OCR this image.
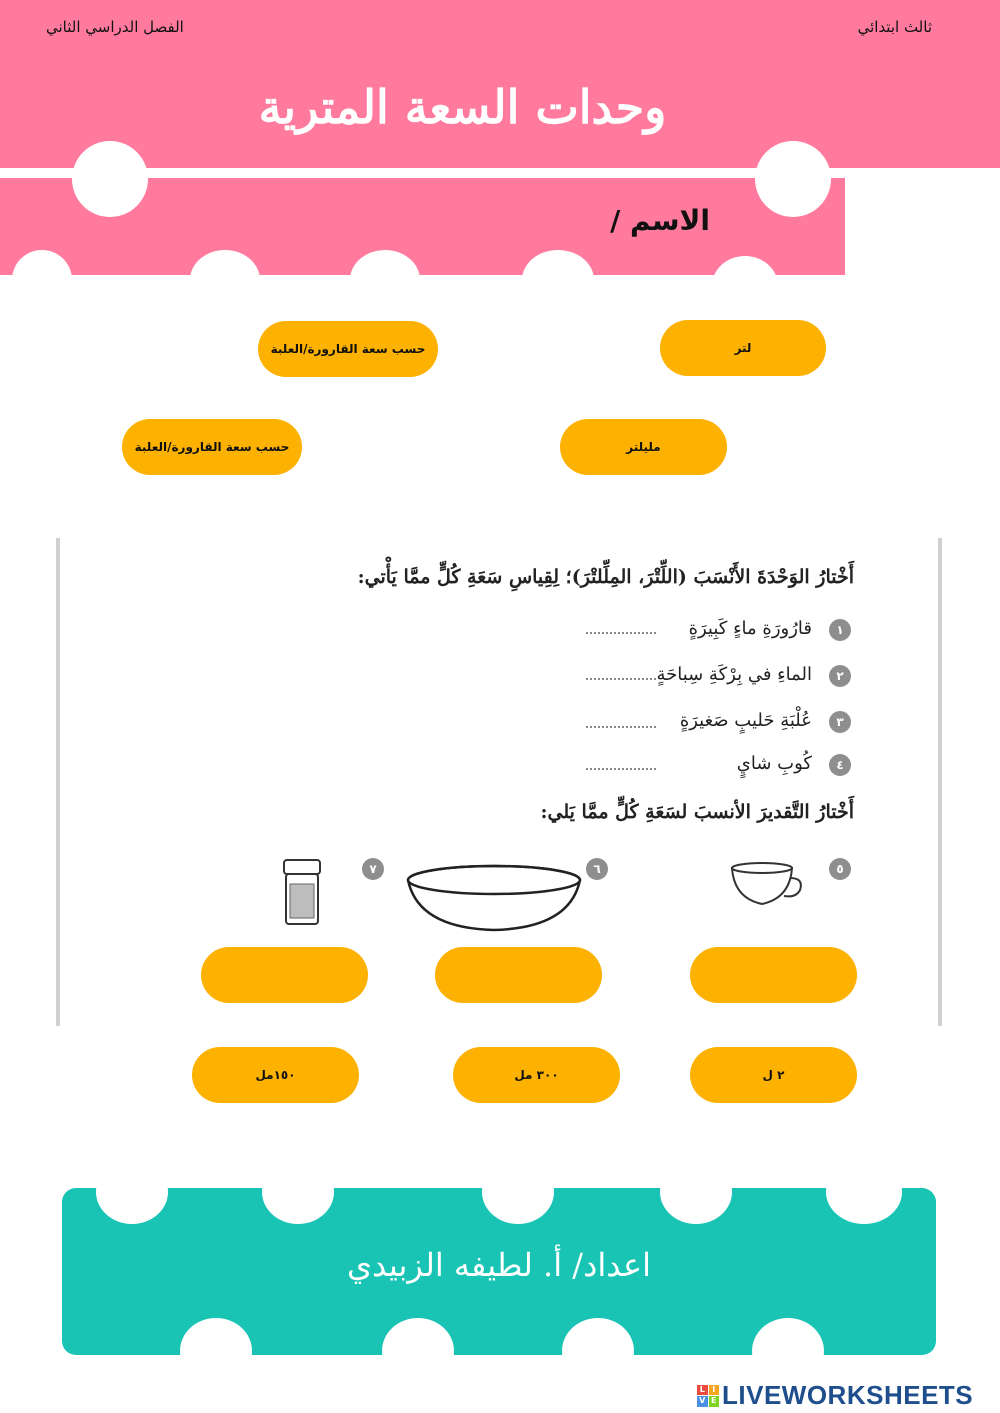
ثالث ابتدائي
الفصل الدراسي الثاني
وحدات السعة المترية
الاسم /
لتر
حسب سعة القارورة/العلبة
مليلتر
حسب سعة القارورة/العلبة
أَخْتارُ الوَحْدَةَ الأَنْسَبَ (اللِّتْرَ، المِلِّلتْرَ)؛ لِقِياسِ سَعَةِ كُلٍّ ممَّا يَأْتي:
١
قارُورَةِ ماءٍ كَبِيرَةٍ
٢
الماءِ في بِرْكَةِ سِباحَةٍ
٣
عُلْبَةِ حَليبٍ صَغيرَةٍ
٤
كُوبِ شايٍ
أَخْتارُ التَّقديرَ الأنسبَ لسَعَةِ كُلٍّ ممَّا يَلي:
٥
٦
٧
٢ ل
٣٠٠ مل
١٥٠مل
اعداد/ أ. لطيفه الزبيدي
L I
V E LIVEWORKSHEETS
